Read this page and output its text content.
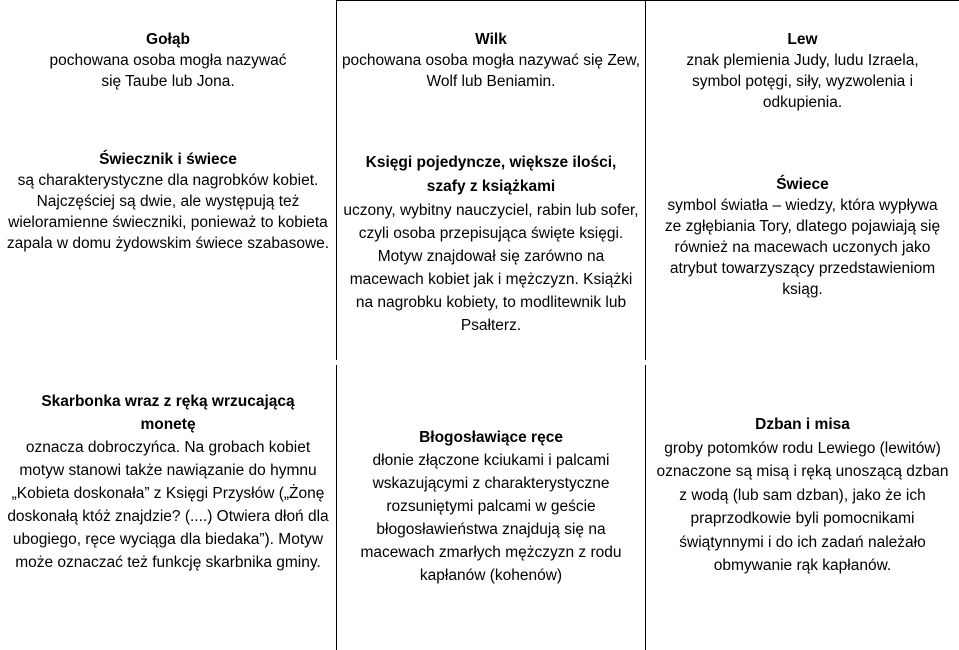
Gołąb
pochowana osoba mogła nazywać się Taube lub Jona.
Wilk
pochowana osoba mogła nazywać się Zew, Wolf lub Beniamin.
Lew
znak plemienia Judy, ludu Izraela, symbol potęgi, siły, wyzwolenia i odkupienia.
Świecznik i świece
są charakterystyczne dla nagrobków kobiet. Najczęściej są dwie, ale występują też wieloramienne świeczniki, ponieważ to kobieta zapala w domu żydowskim świece szabasowe.
Księgi pojedyncze, większe ilości, szafy z książkami
uczony, wybitny nauczyciel, rabin lub sofer, czyli osoba przepisująca święte księgi. Motyw znajdował się zarówno na macewach kobiet jak i mężczyzn. Książki na nagrobku kobiety, to modlitewnik lub Psałterz.
Świece
symbol światła – wiedzy, która wypływa ze zgłębiania Tory, dlatego pojawiają się również na macewach uczonych jako atrybut towarzyszący przedstawieniom ksiąg.
Skarbonka wraz z ręką wrzucającą monetę
oznacza dobroczyńca. Na grobach kobiet motyw stanowi także nawiązanie do hymnu „Kobieta doskonała” z Księgi Przysłów („Żonę doskonałą któż znajdzie? (....) Otwiera dłoń dla ubogiego, ręce wyciąga dla biedaka”). Motyw może oznaczać też funkcję skarbnika gminy.
Błogosławiące ręce
dłonie złączone kciukami i palcami wskazującymi z charakterystyczne rozsuniętymi palcami w geście błogosławieństwa znajdują się na macewach zmarłych mężczyzn z rodu kapłanów (kohenów)
Dzban i misa
groby potomków rodu Lewiego (lewitów) oznaczone są misą i ręką unoszącą dzban z wodą (lub sam dzban), jako że ich praprzodkowie byli pomocnikami świątynnymi i do ich zadań należało obmywanie rąk kapłanów.
